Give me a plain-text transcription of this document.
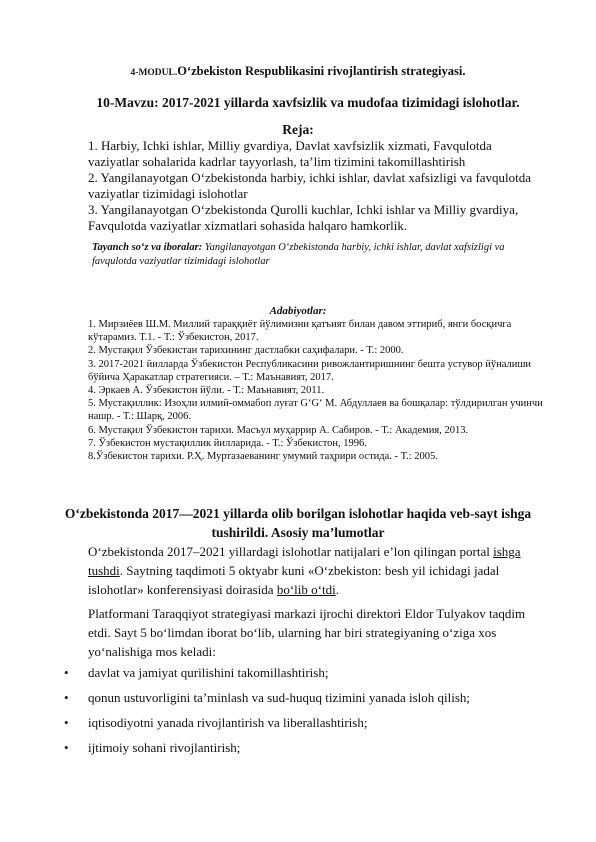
4-MODUL.O‘zbekiston Respublikasini rivojlantirish strategiyasi.
10-Mavzu: 2017-2021 yillarda xavfsizlik va mudofaa tizimidagi islohotlar.
Reja:
1. Harbiy, Ichki ishlar, Milliy gvardiya, Davlat xavfsizlik xizmati, Favqulotda vaziyatlar sohalarida kadrlar tayyorlash, ta’lim tizimini takomillashtirish
2. Yangilanayotgan O‘zbekistonda harbiy, ichki ishlar, davlat xafsizligi va favqulotda vaziyatlar tizimidagi islohotlar
3. Yangilanayotgan O‘zbekistonda Qurolli kuchlar, Ichki ishlar va Milliy gvardiya, Favqulotda vaziyatlar xizmatlari sohasida halqaro hamkorlik.
Tayanch so‘z va iboralar: Yangilanayotgan O‘zbekistonda harbiy, ichki ishlar, davlat xafsizligi va favqulotda vaziyatlar tizimidagi islohotlar
Adabiyotlar:
1. Мирзиёев Ш.М. Миллий тараққиёт йўлимизни қатъият билан давом эттириб, янги босқичга кўтарамиз. Т.1. - Т.: Ўзбекистон, 2017.
2. Мустақил Ўзбекистан тарихининг дастлабки саҳифалари. - Т.: 2000.
3. 2017-2021 йилларда Ўзбекистон Республикасини ривожлантиришнинг бешта устувор йўналиши бўйича Ҳаракатлар стратегияси. – Т.: Маънавият, 2017.
4. Эркаев А. Ўзбекистон йўли. - Т.: Маънавият, 2011.
5. Мустақиллик: Изоҳли илмий-оммабоп луғат G‘G‘ М. Абдуллаев ва бошқалар: тўлдирилган учинчи нашр. - Т.: Шарқ, 2006.
6. Мустақил Ўзбекистон тарихи. Масъул муҳаррир А. Сабиров. - Т.: Академия, 2013.
7. Ўзбекистон мустақиллик йилларида. - Т.: Ўзбекистон, 1996.
8.Ўзбекистон тарихи. Р.Ҳ. Муртазаеванинг умумий таҳрири остида. - Т.: 2005.
O‘zbekistonda 2017—2021 yillarda olib borilgan islohotlar haqida veb-sayt ishga tushirildi. Asosiy ma’lumotlar
O‘zbekistonda 2017–2021 yillardagi islohotlar natijalari e’lon qilingan portal ishga tushdi. Saytning taqdimoti 5 oktyabr kuni «O‘zbekiston: besh yil ichidagi jadal islohotlar» konferensiyasi doirasida bo‘lib o‘tdi.
Platformani Taraqqiyot strategiyasi markazi ijrochi direktori Eldor Tulyakov taqdim etdi. Sayt 5 bo‘limdan iborat bo‘lib, ularning har biri strategiyaning o‘ziga xos yo‘nalishiga mos keladi:
• davlat va jamiyat qurilishini takomillashtirish;
• qonun ustuvorligini ta’minlash va sud-huquq tizimini yanada isloh qilish;
• iqtisodiyotni yanada rivojlantirish va liberallashtirish;
• ijtimoiy sohani rivojlantirish;
